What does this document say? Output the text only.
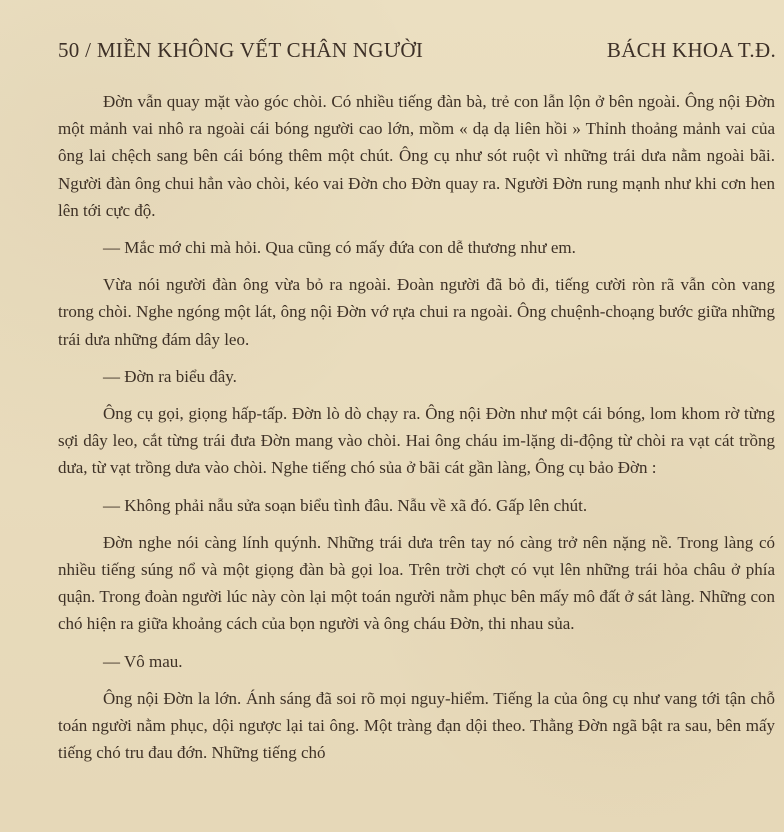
50 / MIỀN KHÔNG VẾT CHÂN NGƯỜI	BÁCH KHOA T.Đ.

Đờn vẫn quay mặt vào góc chòi. Có nhiều tiếng đàn bà, trẻ con lẫn lộn ở bên ngoài. Ông nội Đờn một mảnh vai nhô ra ngoài cái bóng người cao lớn, mồm « dạ dạ liên hồi » Thỉnh thoảng mảnh vai của ông lai chệch sang bên cái bóng thêm một chút. Ông cụ như sót ruột vì những trái dưa nằm ngoài bãi. Người đàn ông chui hẳn vào chòi, kéo vai Đờn cho Đờn quay ra. Người Đờn rung mạnh như khi cơn hen lên tới cực độ.

— Mắc mớ chi mà hỏi. Qua cũng có mấy đứa con dễ thương như em.

Vừa nói người đàn ông vừa bỏ ra ngoài. Đoàn người đã bỏ đi, tiếng cười ròn rã vẫn còn vang trong chòi. Nghe ngóng một lát, ông nội Đờn vớ rựa chui ra ngoài. Ông chuệnh-choạng bước giữa những trái dưa những đám dây leo.

— Đờn ra biểu đây.

Ông cụ gọi, giọng hấp-tấp. Đờn lò dò chạy ra. Ông nội Đờn như một cái bóng, lom khom rờ từng sợi dây leo, cắt từng trái đưa Đờn mang vào chòi. Hai ông cháu im-lặng di-động từ chòi ra vạt cát trồng dưa, từ vạt trồng dưa vào chòi. Nghe tiếng chó sủa ở bãi cát gần làng, Ông cụ bảo Đờn :

— Không phải nẫu sửa soạn biểu tình đâu. Nẫu về xã đó. Gấp lên chút.

Đờn nghe nói càng lính quýnh. Những trái dưa trên tay nó càng trở nên nặng nề. Trong làng có nhiều tiếng súng nổ và một giọng đàn bà gọi loa. Trên trời chợt có vụt lên những trái hỏa châu ở phía quận. Trong đoàn người lúc này còn lại một toán người nằm phục bên mấy mô đất ở sát làng. Những con chó hiện ra giữa khoảng cách của bọn người và ông cháu Đờn, thi nhau sủa.

— Vô mau.

Ông nội Đờn la lớn. Ánh sáng đã soi rõ mọi nguy-hiểm. Tiếng la của ông cụ như vang tới tận chỗ toán người nằm phục, dội ngược lại tai ông. Một tràng đạn dội theo. Thằng Đờn ngã bật ra sau, bên mấy tiếng chó tru đau đớn. Những tiếng chó
